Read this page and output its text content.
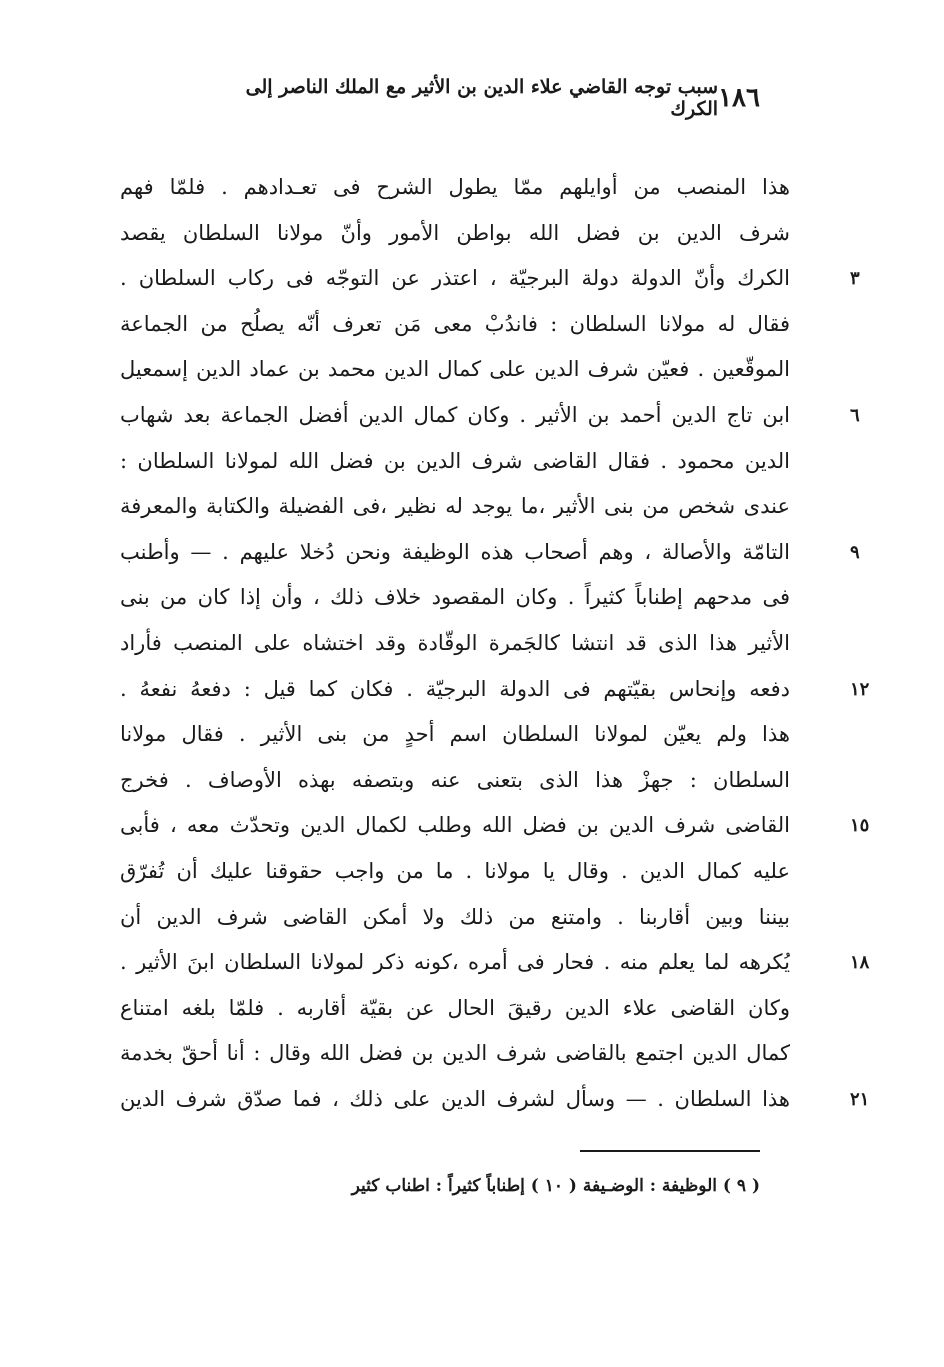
١٨٦
سبب توجه القاضي علاء الدين بن الأثير مع الملك الناصر إلى الكرك
هذا المنصب من أوايلهم ممّا يطول الشرح فى تعـدادهم . فلمّا فهم
شرف الدين بن فضل الله بواطن الأمور وأنّ مولانا السلطان يقصد
٣
الكرك وأنّ الدولة دولة البرجيّة ، اعتذر عن التوجّه فى ركاب السلطان .
فقال له مولانا السلطان : فاندُبْ معى مَن تعرف أنّه يصلُح من الجماعة
الموقّعين . فعيّن شرف الدين على كمال الدين محمد بن عماد الدين إسمعيل
٦
ابن تاج الدين أحمد بن الأثير . وكان كمال الدين أفضل الجماعة بعد شهاب
الدين محمود . فقال القاضى شرف الدين بن فضل الله لمولانا السلطان :
عندى شخص من بنى الأثير ،ما يوجد له نظير ،فى الفضيلة والكتابة والمعرفة
٩
التامّة والأصالة ، وهم أصحاب هذه الوظيفة ونحن دُخلا عليهم . — وأطنب
فى مدحهم إطناباً كثيراً . وكان المقصود خلاف ذلك ، وأن إذا كان من بنى
الأثير هذا الذى قد انتشا كالجَمرة الوقّادة وقد اختشاه على المنصب فأراد
١٢
دفعه وإنحاس بقيّتهم فى الدولة البرجيّة . فكان كما قيل : دفعهُ نفعهُ .
هذا ولم يعيّن لمولانا السلطان اسم أحدٍ من بنى الأثير . فقال مولانا
السلطان : جهزْ هذا الذى بتعنى عنه وبتصفه بهذه الأوصاف . فخرج
١٥
القاضى شرف الدين بن فضل الله وطلب لكمال الدين وتحدّث معه ، فأبى
عليه كمال الدين . وقال يا مولانا . ما من واجب حقوقنا عليك أن تُفرّق
بيننا وبين أقاربنا . وامتنع من ذلك ولا أمكن القاضى شرف الدين أن
١٨
يُكرهه لما يعلم منه . فحار فى أمره ،كونه ذكر لمولانا السلطان ابنَ الأثير .
وكان القاضى علاء الدين رقيقَ الحال عن بقيّة أقاربه . فلمّا بلغه امتناع
كمال الدين اجتمع بالقاضى شرف الدين بن فضل الله وقال : أنا أحقّ بخدمة
٢١
هذا السلطان . — وسأل لشرف الدين على ذلك ، فما صدّق شرف الدين
( ٩ ) الوظيفة : الوضـيفة ( ١٠ ) إطناباً كثيراً : اطناب كثير
